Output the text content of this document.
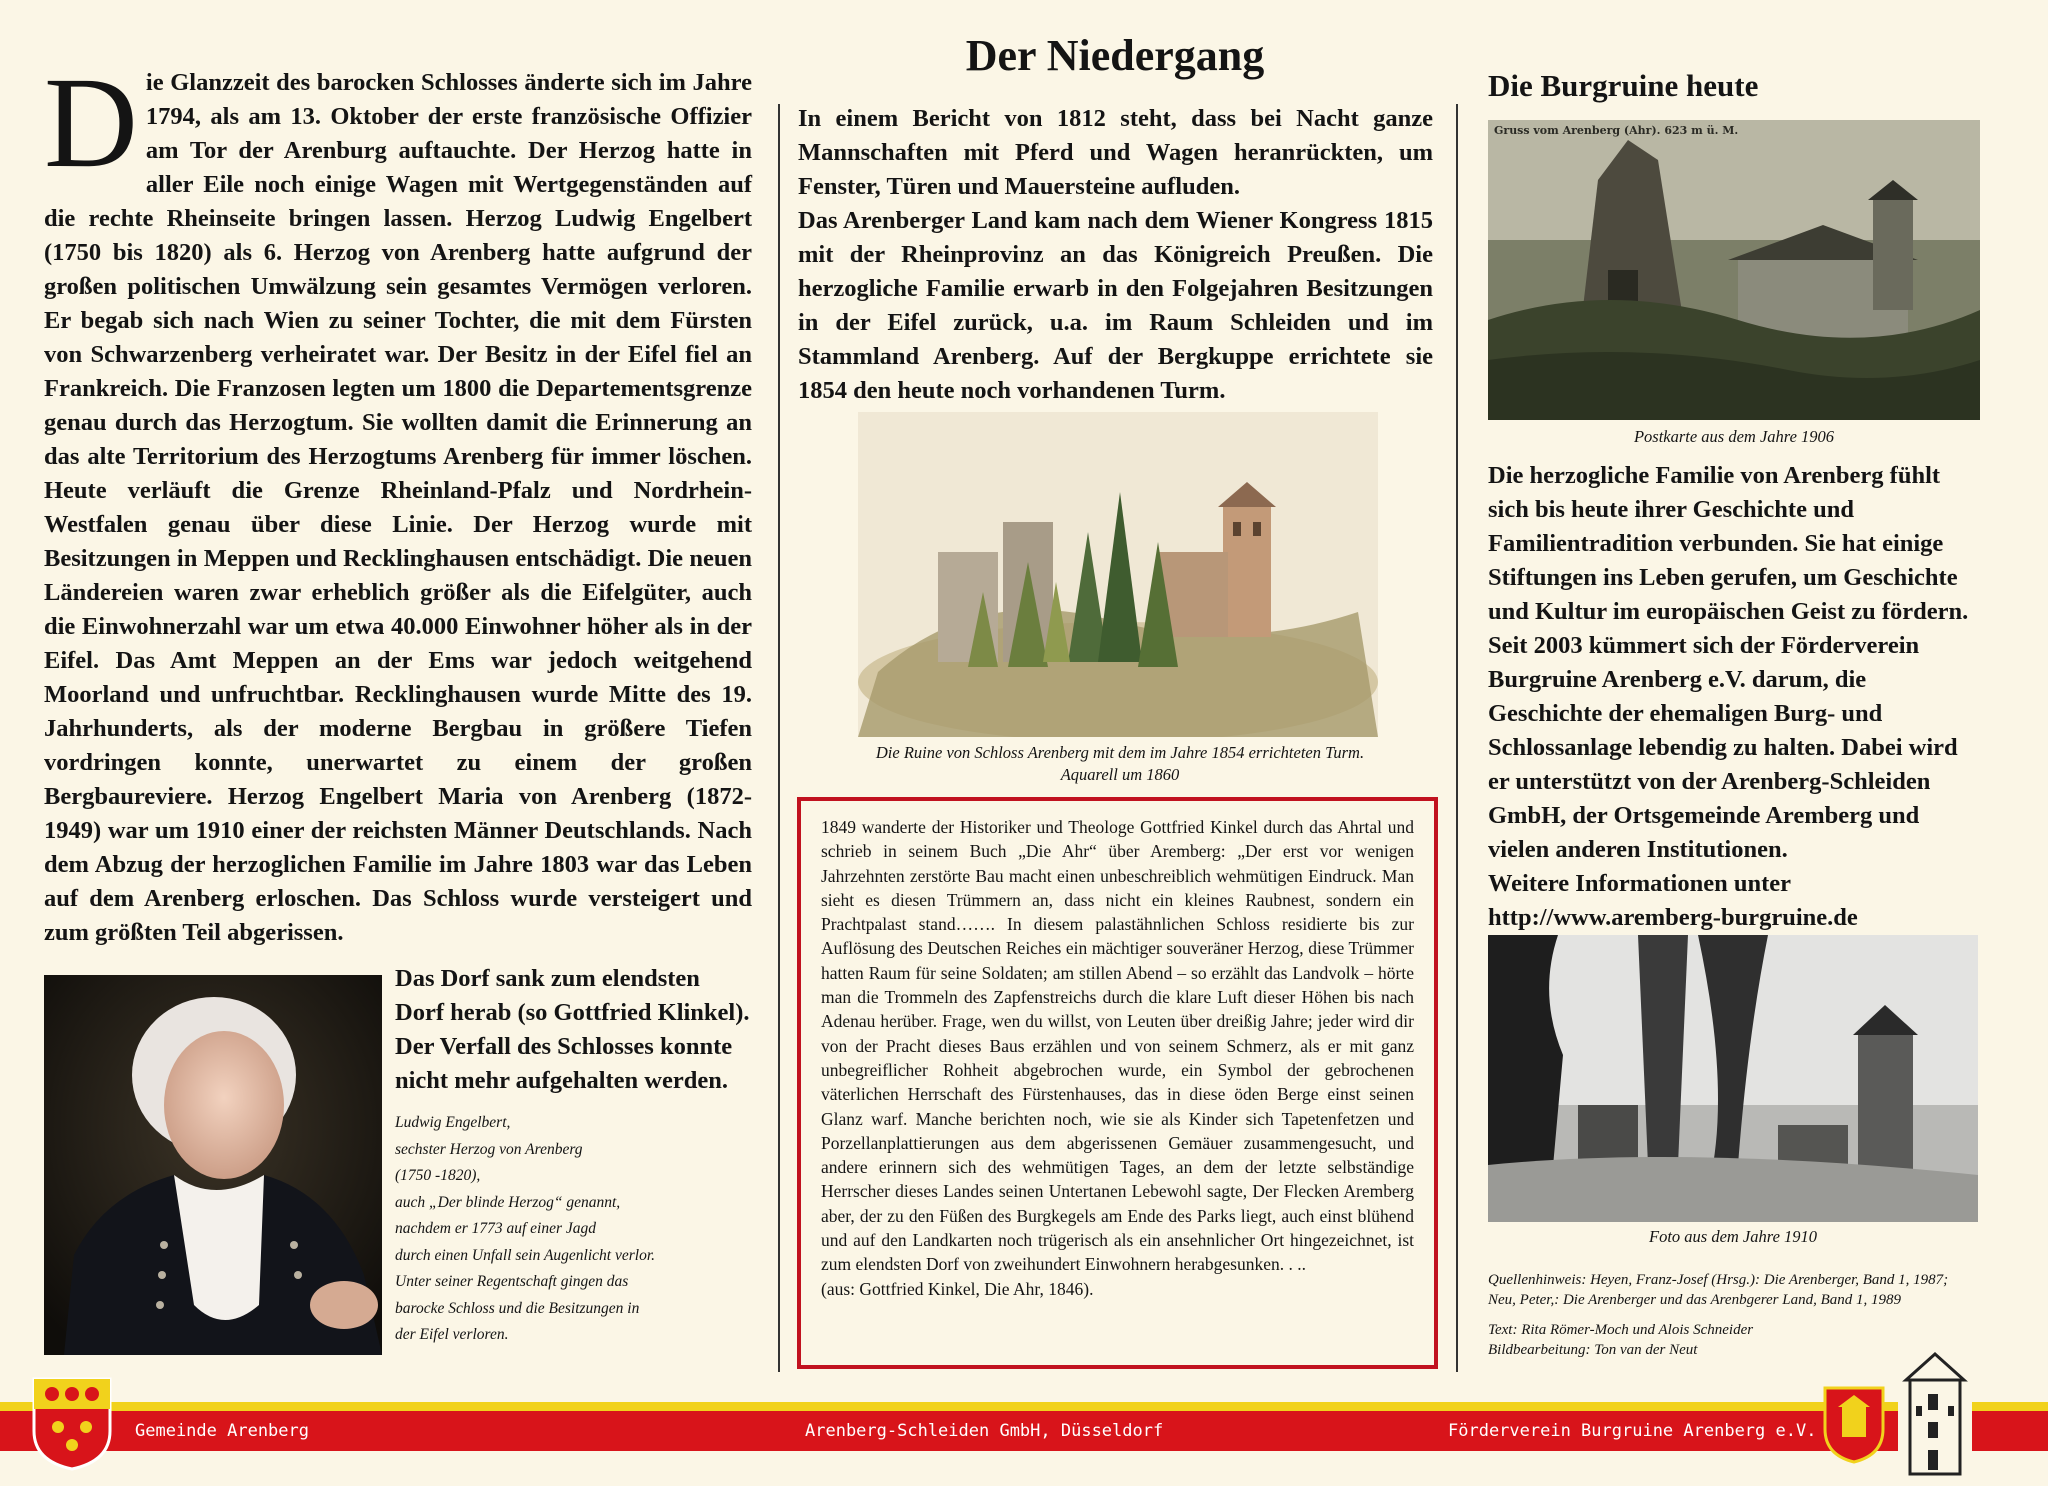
D ie Glanzzeit des barocken Schlosses änderte sich im Jahre 1794, als am 13. Oktober der erste französische Offizier am Tor der Arenburg auftauchte. Der Herzog hatte in aller Eile noch einige Wagen mit Wertgegenständen auf die rechte Rheinseite bringen lassen. Herzog Ludwig Engelbert (1750 bis 1820) als 6. Herzog von Arenberg hatte aufgrund der großen politischen Umwälzung sein gesamtes Vermögen verloren. Er begab sich nach Wien zu seiner Tochter, die mit dem Fürsten von Schwarzenberg verheiratet war. Der Besitz in der Eifel fiel an Frankreich. Die Franzosen legten um 1800 die Departementsgrenze genau durch das Herzogtum. Sie wollten damit die Erinnerung an das alte Territorium des Herzogtums Arenberg für immer löschen. Heute verläuft die Grenze Rheinland-Pfalz und Nordrhein-Westfalen genau über diese Linie. Der Herzog wurde mit Besitzungen in Meppen und Recklinghausen entschädigt. Die neuen Ländereien waren zwar erheblich größer als die Eifelgüter, auch die Einwohnerzahl war um etwa 40.000 Einwohner höher als in der Eifel. Das Amt Meppen an der Ems war jedoch weitgehend Moorland und unfruchtbar. Recklinghausen wurde Mitte des 19. Jahrhunderts, als der moderne Bergbau in größere Tiefen vordringen konnte, unerwartet zu einem der großen Bergbaureviere. Herzog Engelbert Maria von Arenberg (1872-1949) war um 1910 einer der reichsten Männer Deutschlands. Nach dem Abzug der herzoglichen Familie im Jahre 1803 war das Leben auf dem Arenberg erloschen. Das Schloss wurde versteigert und zum größten Teil abgerissen.
Das Dorf sank zum elendsten Dorf herab (so Gottfried Klinkel). Der Verfall des Schlosses konnte nicht mehr aufgehalten werden.
Ludwig Engelbert,
sechster Herzog von Arenberg
(1750 -1820),
auch „Der blinde Herzog“ genannt,
nachdem er 1773 auf einer Jagd
durch einen Unfall sein Augenlicht verlor.
Unter seiner Regentschaft gingen das
barocke Schloss und die Besitzungen in
der Eifel verloren.
Der Niedergang

In einem Bericht von 1812 steht, dass bei Nacht ganze Mannschaften mit Pferd und Wagen heranrückten, um Fenster, Türen und Mauersteine aufluden.

Das Arenberger Land kam nach dem Wiener Kongress 1815 mit der Rheinprovinz an das Königreich Preußen. Die herzogliche Familie erwarb in den Folgejahren Besitzungen in der Eifel zurück, u.a. im Raum Schleiden und im Stammland Arenberg. Auf der Bergkuppe errichtete sie 1854 den heute noch vorhandenen Turm.

Die Ruine von Schloss Arenberg mit dem im Jahre 1854 errichteten Turm.
Aquarell um 1860

1849 wanderte der Historiker und Theologe Gottfried Kinkel durch das Ahrtal und schrieb in seinem Buch „Die Ahr“ über Aremberg: „Der erst vor wenigen Jahrzehnten zerstörte Bau macht einen unbeschreiblich wehmütigen Eindruck. Man sieht es diesen Trümmern an, dass nicht ein kleines Raubnest, sondern ein Prachtpalast stand……. In diesem palastähnlichen Schloss residierte bis zur Auflösung des Deutschen Reiches ein mächtiger souveräner Herzog, diese Trümmer hatten Raum für seine Soldaten; am stillen Abend – so erzählt das Landvolk – hörte man die Trommeln des Zapfenstreichs durch die klare Luft dieser Höhen bis nach Adenau herüber. Frage, wen du willst, von Leuten über dreißig Jahre; jeder wird dir von der Pracht dieses Baus erzählen und von seinem Schmerz, als er mit ganz unbegreiflicher Rohheit abgebrochen wurde, ein Symbol der gebrochenen väterlichen Herrschaft des Fürstenhauses, das in diese öden Berge einst seinen Glanz warf. Manche berichten noch, wie sie als Kinder sich Tapetenfetzen und Porzellanplattierungen aus dem abgerissenen Gemäuer zusammengesucht, und andere erinnern sich des wehmütigen Tages, an dem der letzte selbständige Herrscher dieses Landes seinen Untertanen Lebewohl sagte, Der Flecken Aremberg aber, der zu den Füßen des Burgkegels am Ende des Parks liegt, auch einst blühend und auf den Landkarten noch trügerisch als ein ansehnlicher Ort hingezeichnet, ist zum elendsten Dorf von zweihundert Einwohnern herabgesunken. . ..

(aus: Gottfried Kinkel, Die Ahr, 1846).

Die Burgruine heute
Gruss vom Arenberg (Ahr). 623 m ü. M.
Postkarte aus dem Jahre 1906

Die herzogliche Familie von Arenberg fühlt sich bis heute ihrer Geschichte und Familientradition verbunden. Sie hat einige Stiftungen ins Leben gerufen, um Geschichte und Kultur im europäischen Geist zu fördern. Seit 2003 kümmert sich der Förderverein Burgruine Arenberg e.V. darum, die Geschichte der ehemaligen Burg- und Schlossanlage lebendig zu halten. Dabei wird er unterstützt von der Arenberg-Schleiden GmbH, der Ortsgemeinde Aremberg und vielen anderen Institutionen.

Weitere Informationen unter

http://www.aremberg-burgruine.de

Foto aus dem Jahre 1910
Quellenhinweis: Heyen, Franz-Josef (Hrsg.): Die Arenberger, Band 1, 1987;
Neu, Peter,: Die Arenberger und das Arenbgerer Land, Band 1, 1989
Text: Rita Römer-Moch und Alois Schneider
Bildbearbeitung: Ton van der Neut
Gemeinde Arenberg	Arenberg-Schleiden GmbH, Düsseldorf	Förderverein Burgruine Arenberg e.V.
